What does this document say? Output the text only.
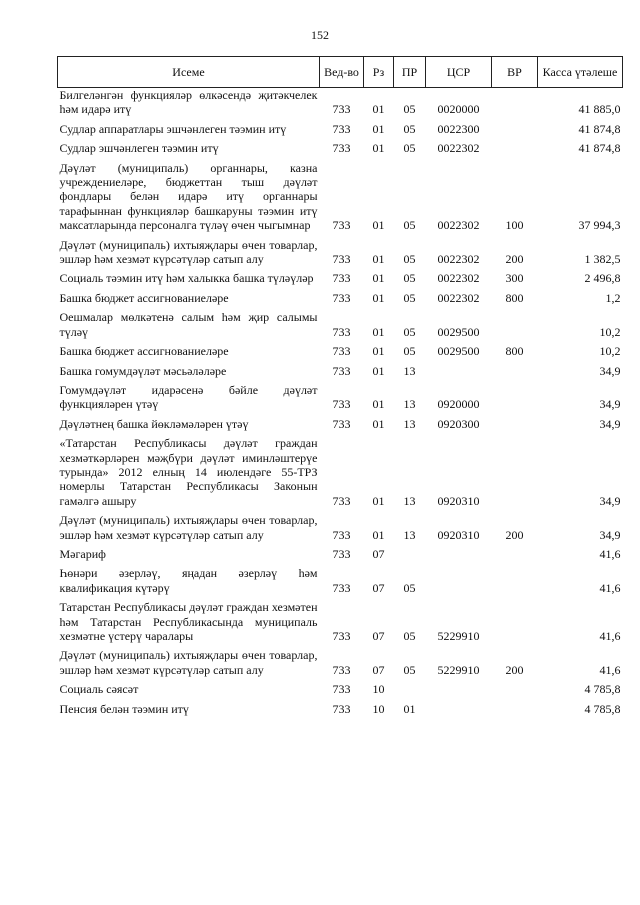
152
Исеме	Вед-во	Рз	ПР	ЦСР	ВР	Касса үтәлеше
Билгеләнгән функцияләр өлкәсендә җитәкчелек һәм идарә итү	733	01	05	0020000		41 885,0
Судлар аппаратлары эшчәнлеген тәэмин итү	733	01	05	0022300		41 874,8
Судлар эшчәнлеген тәэмин итү	733	01	05	0022302		41 874,8
Дәүләт (муниципаль) органнары, казна учреждениеләре, бюджеттан тыш дәүләт фондлары белән идарә итү органнары тарафыннан функцияләр башкаруны тәэмин итү максатларында персоналга түләү өчен чыгымнар	733	01	05	0022302	100	37 994,3
Дәүләт (муниципаль) ихтыяҗлары өчен товарлар, эшләр һәм хезмәт күрсәтүләр сатып алу	733	01	05	0022302	200	1 382,5
Социаль тәэмин итү һәм халыкка башка түләүләр	733	01	05	0022302	300	2 496,8
Башка бюджет ассигнованиеләре	733	01	05	0022302	800	1,2
Оешмалар мөлкәтенә салым һәм җир салымы түләү	733	01	05	0029500		10,2
Башка бюджет ассигнованиеләре	733	01	05	0029500	800	10,2
Башка гомумдәүләт мәсьәләләре	733	01	13			34,9
Гомумдәүләт идарәсенә бәйле дәүләт функцияләрен үтәү	733	01	13	0920000		34,9
Дәүләтнең башка йөкләмәләрен үтәү	733	01	13	0920300		34,9
«Татарстан Республикасы дәүләт граждан хезмәткәрләрен мәҗбүри дәүләт иминләштерүе турында» 2012 елның 14 июлендәге 55-ТРЗ номерлы Татарстан Республикасы Законын гамәлгә ашыру	733	01	13	0920310		34,9
Дәүләт (муниципаль) ихтыяҗлары өчен товарлар, эшләр һәм хезмәт күрсәтүләр сатып алу	733	01	13	0920310	200	34,9
Мәгариф	733	07				41,6
Һөнәри әзерләү, яңадан әзерләү һәм квалификация күтәрү	733	07	05			41,6
Татарстан Республикасы дәүләт граждан хезмәтен һәм Татарстан Республикасында муниципаль хезмәтне үстерү чаралары	733	07	05	5229910		41,6
Дәүләт (муниципаль) ихтыяҗлары өчен товарлар, эшләр һәм хезмәт күрсәтүләр сатып алу	733	07	05	5229910	200	41,6
Социаль сәясәт	733	10				4 785,8
Пенсия белән тәэмин итү	733	10	01			4 785,8
